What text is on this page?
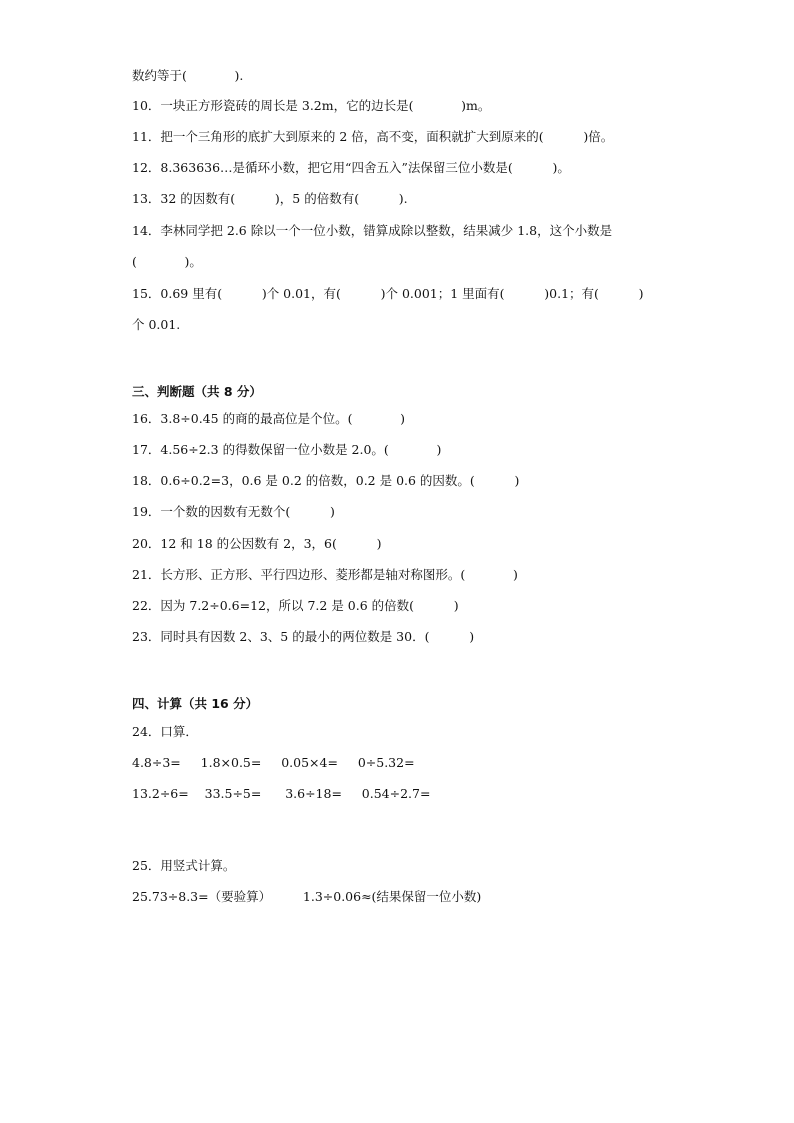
数约等于(            ).
10．一块正方形瓷砖的周长是 3.2m，它的边长是(            )m。
11．把一个三角形的底扩大到原来的 2 倍，高不变，面积就扩大到原来的(          )倍。
12．8.363636…是循环小数，把它用“四舍五入”法保留三位小数是(          )。
13．32 的因数有(          )，5 的倍数有(          ).
14．李林同学把 2.6 除以一个一位小数，错算成除以整数，结果减少 1.8，这个小数是
(            )。
15．0.69 里有(          )个 0.01，有(          )个 0.001；1 里面有(          )0.1；有(          )
个 0.01.
三、判断题（共 8 分）
16．3.8÷0.45 的商的最高位是个位。(            )
17．4.56÷2.3 的得数保留一位小数是 2.0。(            )
18．0.6÷0.2=3，0.6 是 0.2 的倍数，0.2 是 0.6 的因数。(          )
19．一个数的因数有无数个(          )
20．12 和 18 的公因数有 2，3，6(          )
21．长方形、正方形、平行四边形、菱形都是轴对称图形。(            )
22．因为 7.2÷0.6=12，所以 7.2 是 0.6 的倍数(          )
23．同时具有因数 2、3、5 的最小的两位数是 30．(          )
四、计算（共 16 分）
24．口算．
4.8÷3=     1.8×0.5=     0.05×4=     0÷5.32=
13.2÷6=    33.5÷5=      3.6÷18=     0.54÷2.7=
25．用竖式计算。
25.73÷8.3=（要验算）        1.3÷0.06≈(结果保留一位小数)
